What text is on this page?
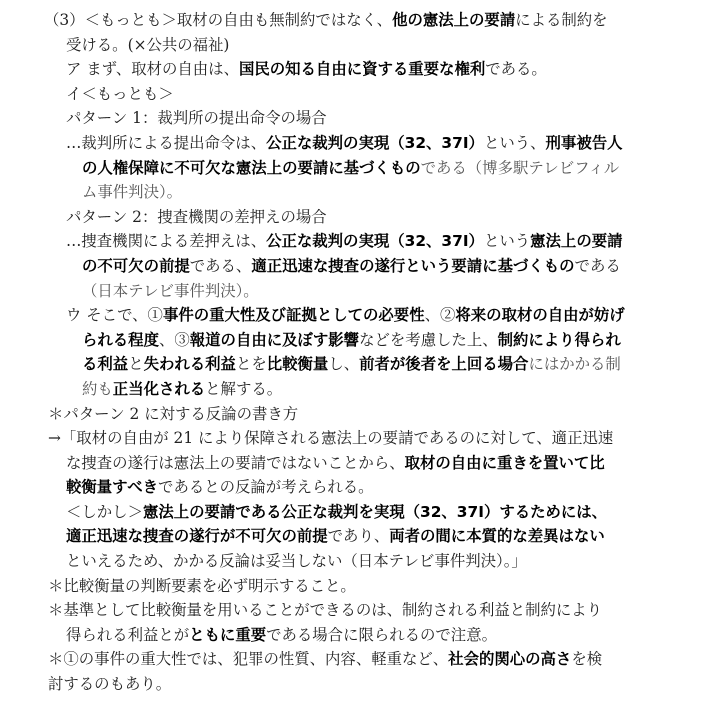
（3）＜もっとも＞取材の自由も無制約ではなく、他の憲法上の要請による制約を
受ける。(×公共の福祉)
ア まず、取材の自由は、国民の知る自由に資する重要な権利である。
イ＜もっとも＞
パターン 1：裁判所の提出命令の場合
…裁判所による提出命令は、公正な裁判の実現（32、37Ⅰ）という、刑事被告人
の人権保障に不可欠な憲法上の要請に基づくものである（博多駅テレビフィル
ム事件判決）。
パターン 2：捜査機関の差押えの場合
…捜査機関による差押えは、公正な裁判の実現（32、37Ⅰ）という憲法上の要請
の不可欠の前提である、適正迅速な捜査の遂行という要請に基づくものである
（日本テレビ事件判決）。
ウ そこで、①事件の重大性及び証拠としての必要性、②将来の取材の自由が妨げ
られる程度、③報道の自由に及ぼす影響などを考慮した上、制約により得られ
る利益と失われる利益とを比較衡量し、前者が後者を上回る場合にはかかる制
約も正当化されると解する。
＊パターン 2 に対する反論の書き方
→「取材の自由が 21 により保障される憲法上の要請であるのに対して、適正迅速
な捜査の遂行は憲法上の要請ではないことから、取材の自由に重きを置いて比
較衡量すべきであるとの反論が考えられる。
＜しかし＞憲法上の要請である公正な裁判を実現（32、37Ⅰ）するためには、
適正迅速な捜査の遂行が不可欠の前提であり、両者の間に本質的な差異はない
といえるため、かかる反論は妥当しない（日本テレビ事件判決）。」
＊比較衡量の判断要素を必ず明示すること。
＊基準として比較衡量を用いることができるのは、制約される利益と制約により
得られる利益とがともに重要である場合に限られるので注意。
＊①の事件の重大性では、犯罪の性質、内容、軽重など、社会的関心の高さを検
討するのもあり。
